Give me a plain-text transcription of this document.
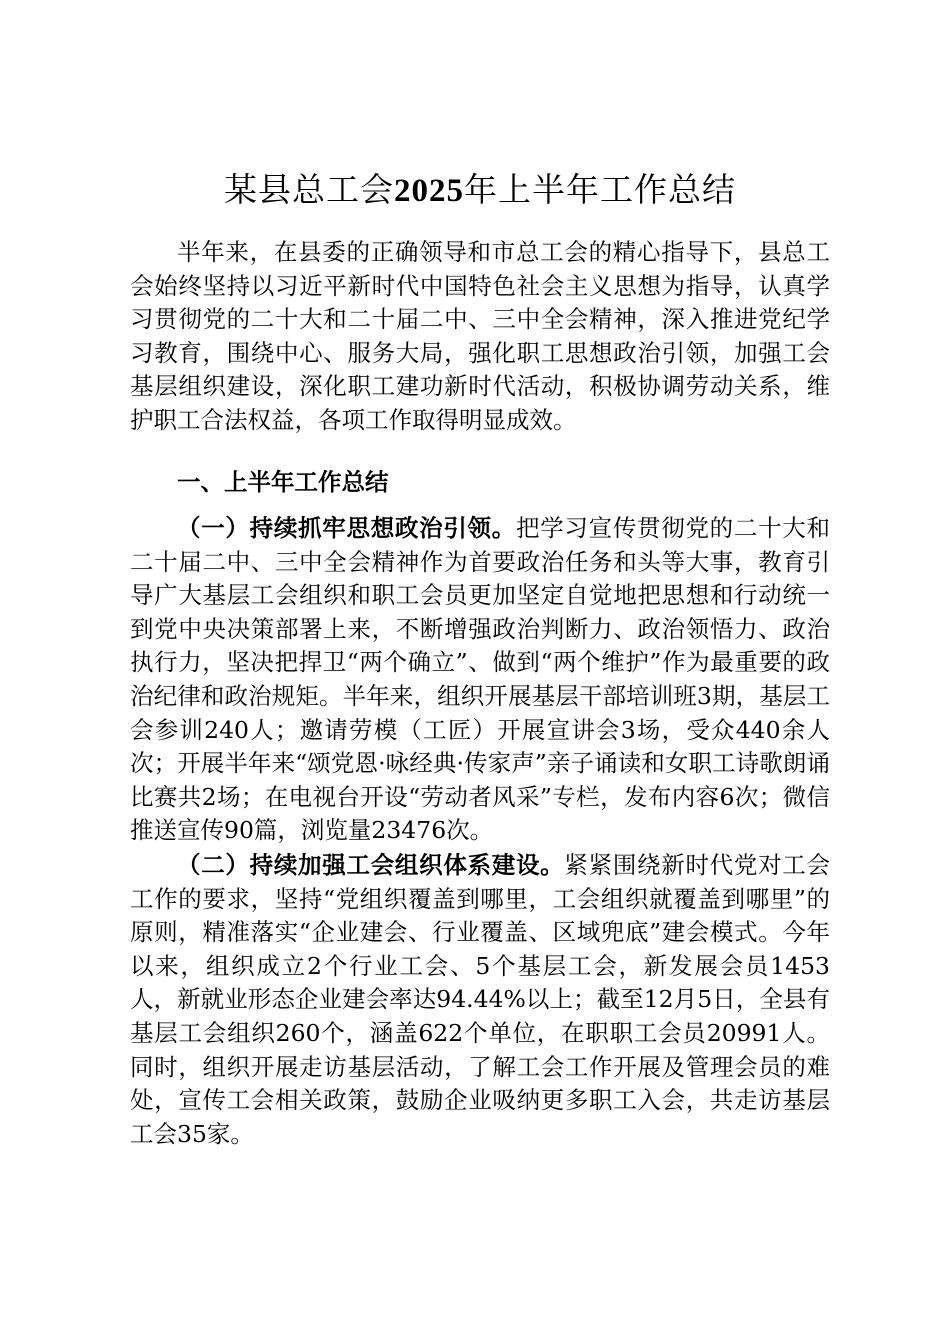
某县总工会2025年上半年工作总结

半年来，在县委的正确领导和市总工会的精心指导下，县总工会始终坚持以习近平新时代中国特色社会主义思想为指导，认真学习贯彻党的二十大和二十届二中、三中全会精神，深入推进党纪学习教育，围绕中心、服务大局，强化职工思想政治引领，加强工会基层组织建设，深化职工建功新时代活动，积极协调劳动关系，维护职工合法权益，各项工作取得明显成效。

一、上半年工作总结

（一）持续抓牢思想政治引领。把学习宣传贯彻党的二十大和二十届二中、三中全会精神作为首要政治任务和头等大事，教育引导广大基层工会组织和职工会员更加坚定自觉地把思想和行动统一到党中央决策部署上来，不断增强政治判断力、政治领悟力、政治执行力，坚决把捍卫“两个确立”、做到“两个维护”作为最重要的政治纪律和政治规矩。半年来，组织开展基层干部培训班3期，基层工会参训240人；邀请劳模（工匠）开展宣讲会3场，受众440余人次；开展半年来“颂党恩·咏经典·传家声”亲子诵读和女职工诗歌朗诵比赛共2场；在电视台开设“劳动者风采”专栏，发布内容6次；微信推送宣传90篇，浏览量23476次。

（二）持续加强工会组织体系建设。紧紧围绕新时代党对工会工作的要求，坚持“党组织覆盖到哪里，工会组织就覆盖到哪里”的原则，精准落实“企业建会、行业覆盖、区域兜底”建会模式。今年以来，组织成立2个行业工会、5个基层工会，新发展会员1453人，新就业形态企业建会率达94.44%以上；截至12月5日，全县有基层工会组织260个，涵盖622个单位，在职职工会员20991人。同时，组织开展走访基层活动，了解工会工作开展及管理会员的难处，宣传工会相关政策，鼓励企业吸纳更多职工入会，共走访基层工会35家。
